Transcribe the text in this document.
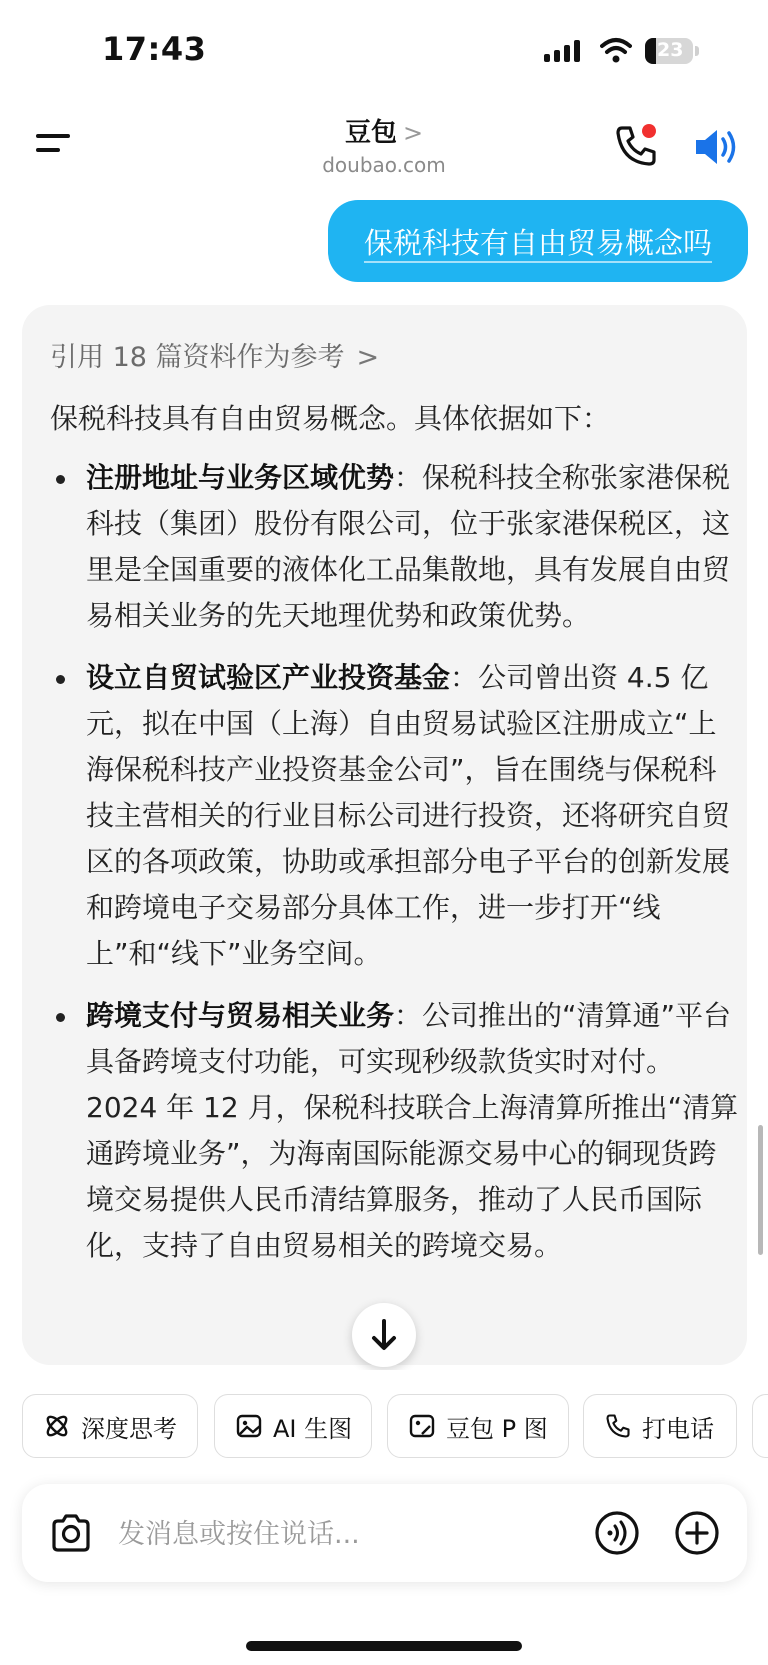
17:43	23
豆包 >
doubao.com
保税科技有自由贸易概念吗
引用 18 篇资料作为参考 >
保税科技具有自由贸易概念。具体依据如下：
注册地址与业务区域优势：保税科技全称张家港保税科技（集团）股份有限公司，位于张家港保税区，这里是全国重要的液体化工品集散地，具有发展自由贸易相关业务的先天地理优势和政策优势。
设立自贸试验区产业投资基金：公司曾出资 4.5 亿元，拟在中国（上海）自由贸易试验区注册成立“上海保税科技产业投资基金公司”，旨在围绕与保税科技主营相关的行业目标公司进行投资，还将研究自贸区的各项政策，协助或承担部分电子平台的创新发展和跨境电子交易部分具体工作，进一步打开“线上”和“线下”业务空间。
跨境支付与贸易相关业务：公司推出的“清算通”平台具备跨境支付功能，可实现秒级款货实时对付。2024 年 12 月，保税科技联合上海清算所推出“清算通跨境业务”，为海南国际能源交易中心的铜现货跨境交易提供人民币清结算服务，推动了人民币国际化，支持了自由贸易相关的跨境交易。
深度思考	AI 生图	豆包 P 图	打电话
发消息或按住说话...
